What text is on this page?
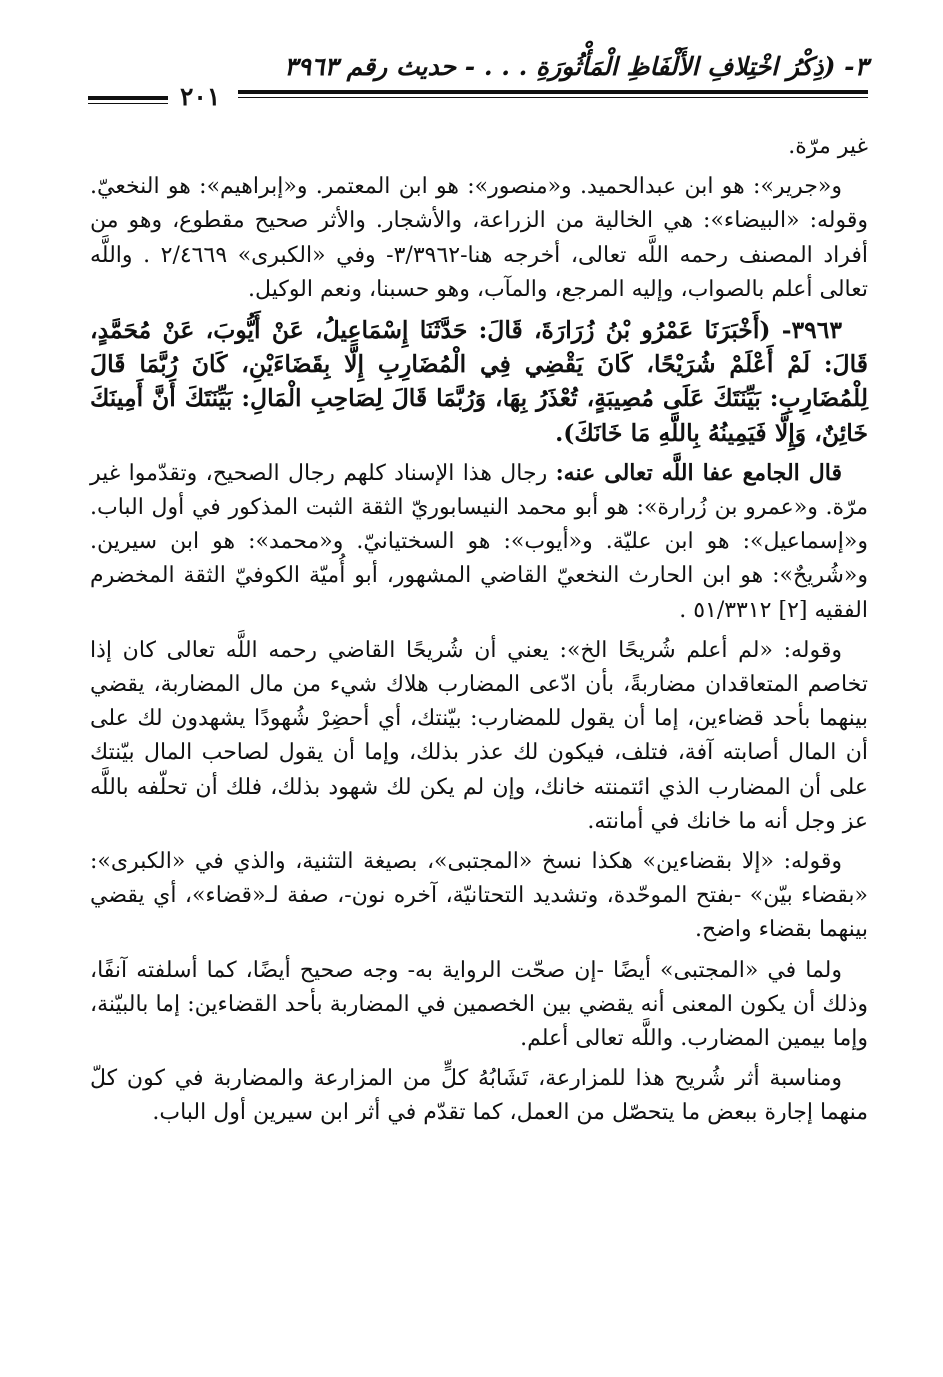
٣- (ذِكْرُ اخْتِلافِ الأَلْفَاظِ الْمَأْثُورَةِ . . . - حديث رقم ٣٩٦٣
٢٠١

غير مرّة.

و«جرير»: هو ابن عبدالحميد. و«منصور»: هو ابن المعتمر. و«إبراهيم»: هو النخعيّ. وقوله: «البيضاء»: هي الخالية من الزراعة، والأشجار. والأثر صحيح مقطوع، وهو من أفراد المصنف رحمه اللَّه تعالى، أخرجه هنا-٣/٣٩٦٢- وفي «الكبرى» ٢/٤٦٦٩ . واللَّه تعالى أعلم بالصواب، وإليه المرجع، والمآب، وهو حسبنا، ونعم الوكيل.

٣٩٦٣- (أَخْبَرَنَا عَمْرُو بْنُ زُرَارَةَ، قَالَ: حَدَّثَنَا إِسْمَاعِيلُ، عَنْ أَيُّوبَ، عَنْ مُحَمَّدٍ، قَالَ: لَمْ أَعْلَمْ شُرَيْحًا، كَانَ يَقْضِي فِي الْمُضَارِبِ إِلَّا بِقَضَاءَيْنِ، كَانَ رُبَّمَا قَالَ لِلْمُضَارِبِ: بَيِّنَتَكَ عَلَى مُصِيبَةٍ، تُعْذَرُ بِهَا، وَرُبَّمَا قَالَ لِصَاحِبِ الْمَالِ: بَيِّنَتَكَ أَنَّ أَمِينَكَ خَائِنٌ، وَإِلَّا فَيَمِينُهُ بِاللَّهِ مَا خَانَكَ).

قال الجامع عفا اللَّه تعالى عنه: رجال هذا الإسناد كلهم رجال الصحيح، وتقدّموا غير مرّة. و«عمرو بن زُرارة»: هو أبو محمد النيسابوريّ الثقة الثبت المذكور في أول الباب. و«إسماعيل»: هو ابن عليّة. و«أيوب»: هو السختيانيّ. و«محمد»: هو ابن سيرين. و«شُريحٌ»: هو ابن الحارث النخعيّ القاضي المشهور، أبو أُميّة الكوفيّ الثقة المخضرم الفقيه [٢] ٥١/٣٣١٢ .

وقوله: «لم أعلم شُريحًا الخ»: يعني أن شُريحًا القاضي رحمه اللَّه تعالى كان إذا تخاصم المتعاقدان مضاربةً، بأن ادّعى المضارب هلاك شيء من مال المضاربة، يقضي بينهما بأحد قضاءين، إما أن يقول للمضارب: بيّنتك، أي أحضِرْ شُهودًا يشهدون لك على أن المال أصابته آفة، فتلف، فيكون لك عذر بذلك، وإما أن يقول لصاحب المال بيّنتك على أن المضارب الذي ائتمنته خانك، وإن لم يكن لك شهود بذلك، فلك أن تحلّفه باللَّه عز وجل أنه ما خانك في أمانته.

وقوله: «إلا بقضاءين» هكذا نسخ «المجتبى»، بصيغة التثنية، والذي في «الكبرى»: «بقضاء بيّن» -بفتح الموحّدة، وتشديد التحتانيّة، آخره نون-، صفة لـ«قضاء»، أي يقضي بينهما بقضاء واضح.

ولما في «المجتبى» أيضًا -إن صحّت الرواية به- وجه صحيح أيضًا، كما أسلفته آنفًا، وذلك أن يكون المعنى أنه يقضي بين الخصمين في المضاربة بأحد القضاءين: إما بالبيّنة، وإما بيمين المضارب. واللَّه تعالى أعلم.

ومناسبة أثر شُريح هذا للمزارعة، تَشَابُهُ كلٍّ من المزارعة والمضاربة في كون كلّ منهما إجارة ببعض ما يتحصّل من العمل، كما تقدّم في أثر ابن سيرين أول الباب.
